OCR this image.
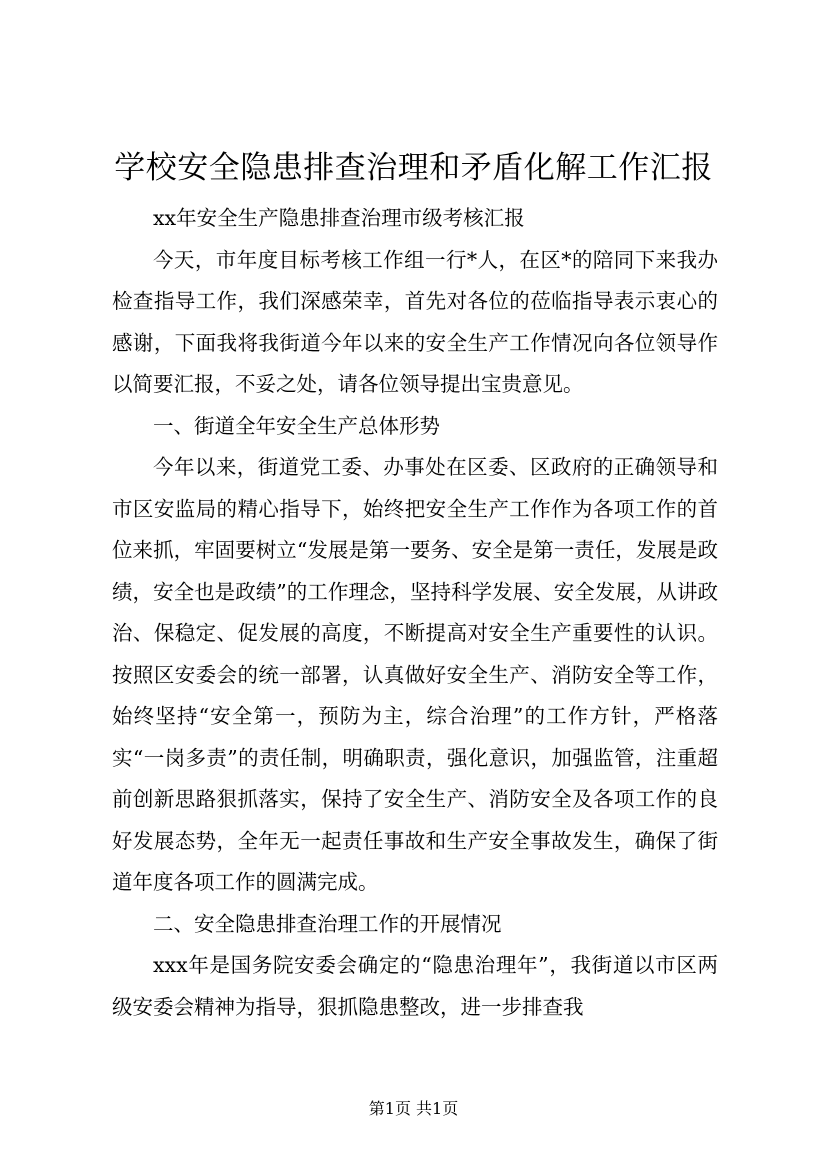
学校安全隐患排查治理和矛盾化解工作汇报

xx年安全生产隐患排查治理市级考核汇报

今天，市年度目标考核工作组一行*人，在区*的陪同下来我办检查指导工作，我们深感荣幸，首先对各位的莅临指导表示衷心的感谢，下面我将我街道今年以来的安全生产工作情况向各位领导作以简要汇报，不妥之处，请各位领导提出宝贵意见。

一、街道全年安全生产总体形势

今年以来，街道党工委、办事处在区委、区政府的正确领导和市区安监局的精心指导下，始终把安全生产工作作为各项工作的首位来抓，牢固要树立“发展是第一要务、安全是第一责任，发展是政绩，安全也是政绩”的工作理念，坚持科学发展、安全发展，从讲政治、保稳定、促发展的高度，不断提高对安全生产重要性的认识。按照区安委会的统一部署，认真做好安全生产、消防安全等工作，始终坚持“安全第一，预防为主，综合治理”的工作方针，严格落实“一岗多责”的责任制，明确职责，强化意识，加强监管，注重超前创新思路狠抓落实，保持了安全生产、消防安全及各项工作的良好发展态势，全年无一起责任事故和生产安全事故发生，确保了街道年度各项工作的圆满完成。

二、安全隐患排查治理工作的开展情况

xxx年是国务院安委会确定的“隐患治理年”，我街道以市区两级安委会精神为指导，狠抓隐患整改，进一步排查我

第1页 共1页
